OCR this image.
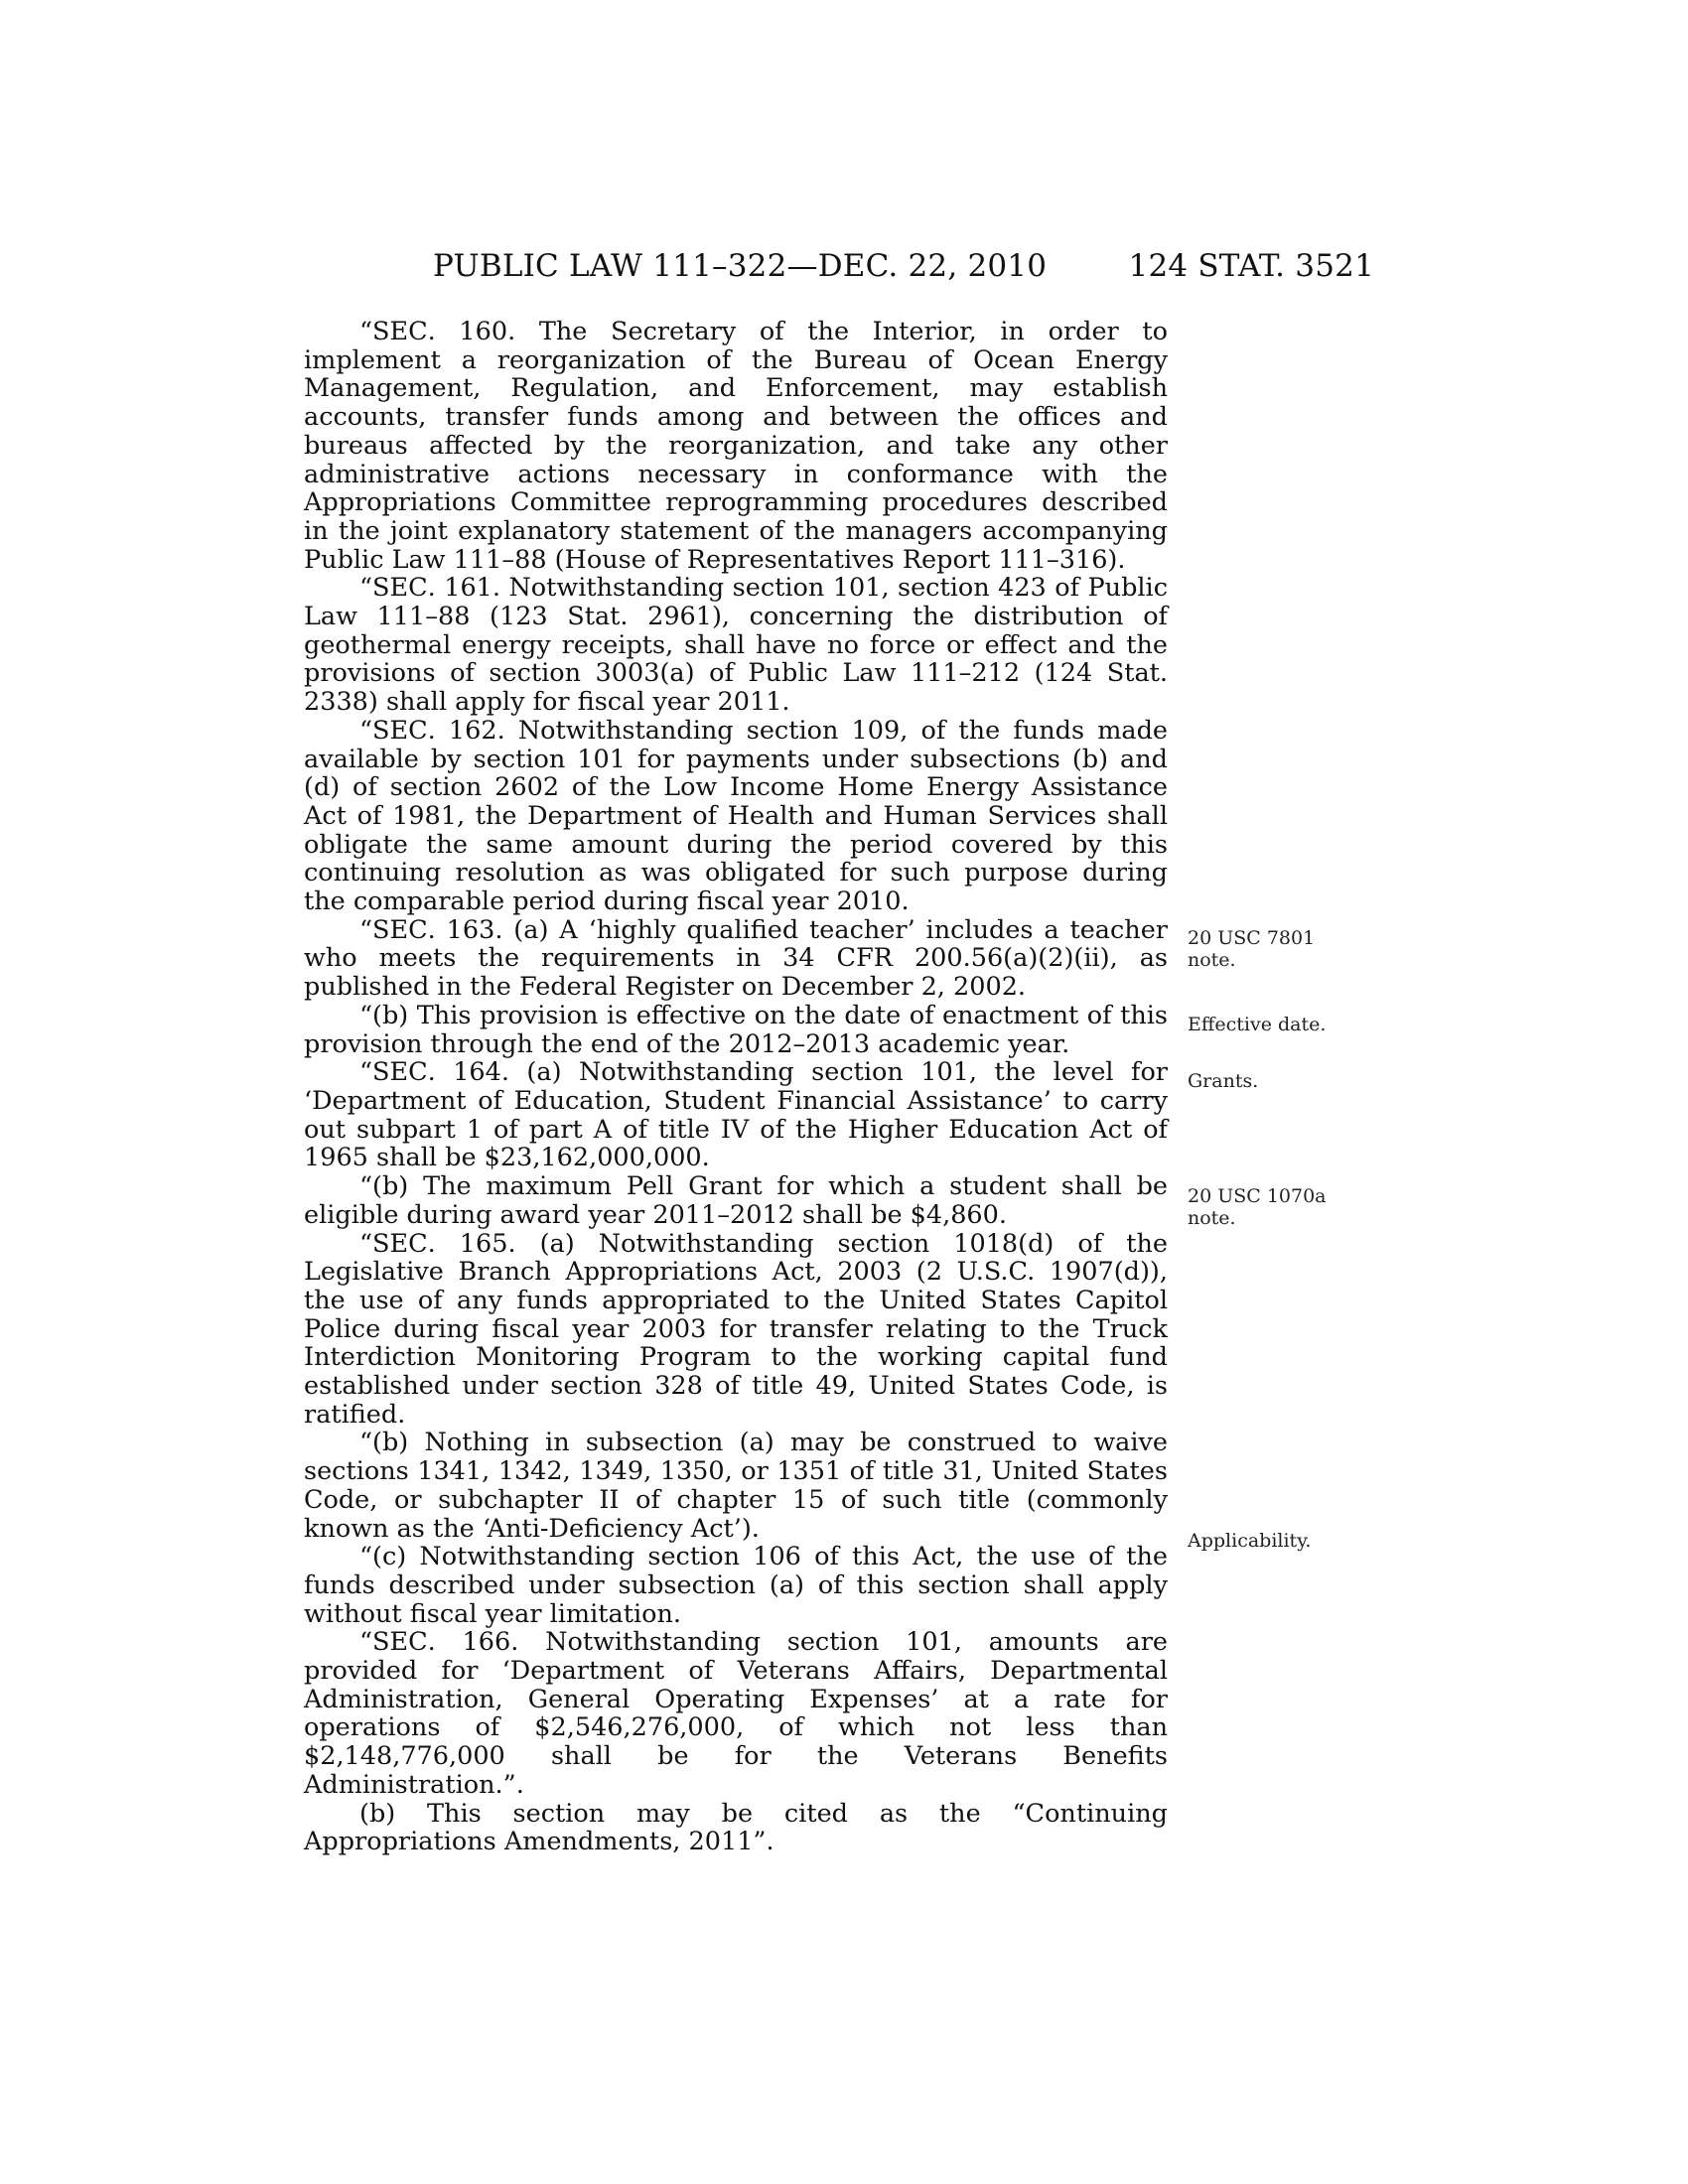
PUBLIC LAW 111–322—DEC. 22, 2010	124 STAT. 3521

“SEC. 160. The Secretary of the Interior, in order to implement a reorganization of the Bureau of Ocean Energy Management, Regulation, and Enforcement, may establish accounts, transfer funds among and between the offices and bureaus affected by the reorganization, and take any other administrative actions necessary in conformance with the Appropriations Committee reprogramming procedures described in the joint explanatory statement of the managers accompanying Public Law 111–88 (House of Representatives Report 111–316).

“SEC. 161. Notwithstanding section 101, section 423 of Public Law 111–88 (123 Stat. 2961), concerning the distribution of geothermal energy receipts, shall have no force or effect and the provisions of section 3003(a) of Public Law 111–212 (124 Stat. 2338) shall apply for fiscal year 2011.

“SEC. 162. Notwithstanding section 109, of the funds made available by section 101 for payments under subsections (b) and (d) of section 2602 of the Low Income Home Energy Assistance Act of 1981, the Department of Health and Human Services shall obligate the same amount during the period covered by this continuing resolution as was obligated for such purpose during the comparable period during fiscal year 2010.

“SEC. 163. (a) A ‘highly qualified teacher’ includes a teacher who meets the requirements in 34 CFR 200.56(a)(2)(ii), as published in the Federal Register on December 2, 2002.

“(b) This provision is effective on the date of enactment of this provision through the end of the 2012–2013 academic year.

“SEC. 164. (a) Notwithstanding section 101, the level for ‘Department of Education, Student Financial Assistance’ to carry out subpart 1 of part A of title IV of the Higher Education Act of 1965 shall be $23,162,000,000.

“(b) The maximum Pell Grant for which a student shall be eligible during award year 2011–2012 shall be $4,860.

“SEC. 165. (a) Notwithstanding section 1018(d) of the Legislative Branch Appropriations Act, 2003 (2 U.S.C. 1907(d)), the use of any funds appropriated to the United States Capitol Police during fiscal year 2003 for transfer relating to the Truck Interdiction Monitoring Program to the working capital fund established under section 328 of title 49, United States Code, is ratified.

“(b) Nothing in subsection (a) may be construed to waive sections 1341, 1342, 1349, 1350, or 1351 of title 31, United States Code, or subchapter II of chapter 15 of such title (commonly known as the ‘Anti-Deficiency Act’).

“(c) Notwithstanding section 106 of this Act, the use of the funds described under subsection (a) of this section shall apply without fiscal year limitation.

“SEC. 166. Notwithstanding section 101, amounts are provided for ‘Department of Veterans Affairs, Departmental Administration, General Operating Expenses’ at a rate for operations of $2,546,276,000, of which not less than $2,148,776,000 shall be for the Veterans Benefits Administration.”.

(b) This section may be cited as the “Continuing Appropriations Amendments, 2011”.

20 USC 7801 note.
Effective date.
Grants.
20 USC 1070a note.
Applicability.
